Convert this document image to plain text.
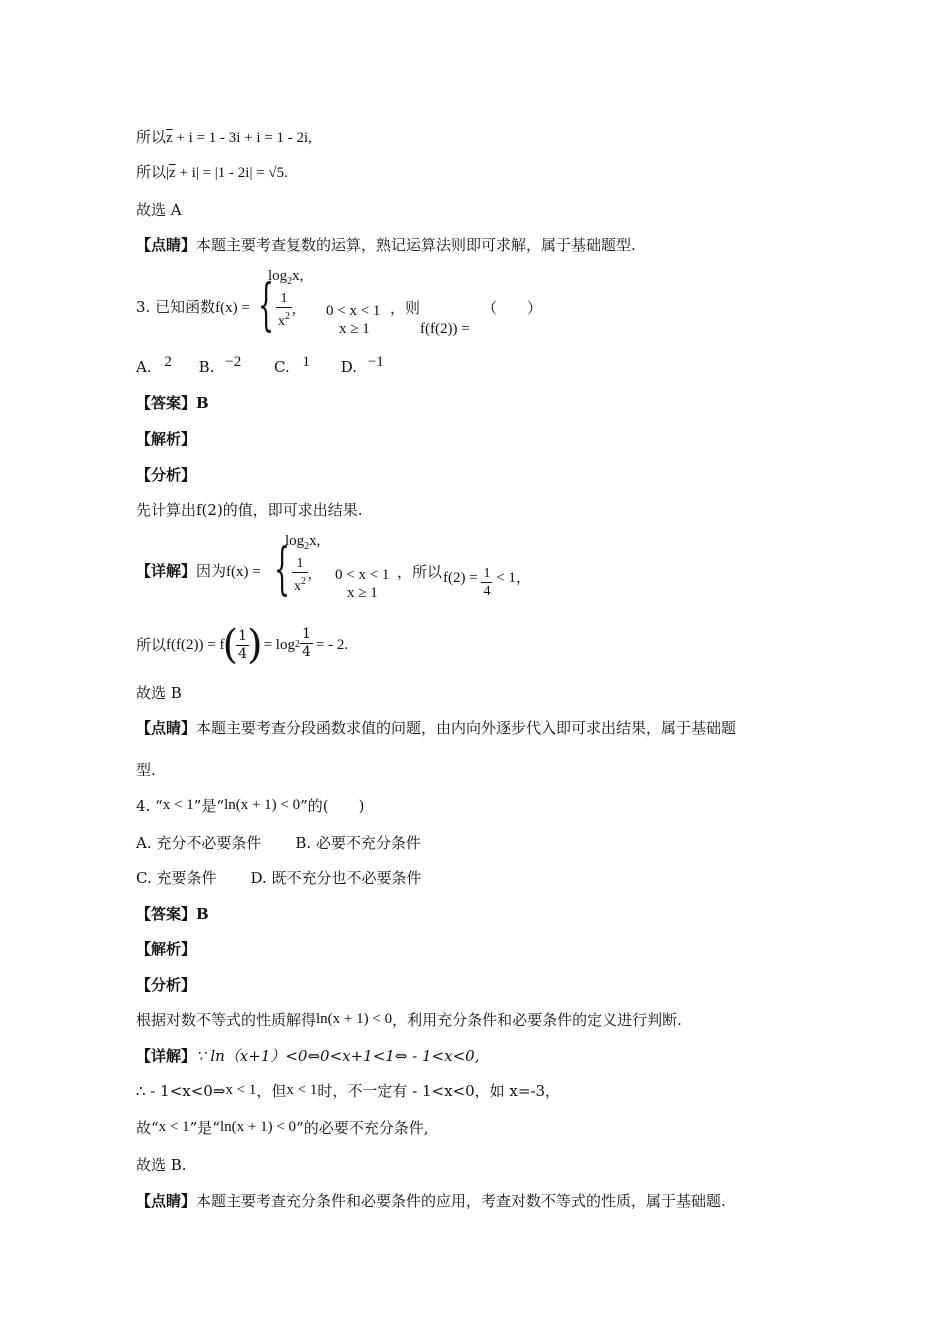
所以$\overline{z} + i = 1 - 3i + i = 1 - 2i$,
所以$|\overline{z} + i| = |1 - 2i| = √5$.
故选 A
【点睛】本题主要考查复数的运算，熟记运算法则即可求解，属于基础题型.
3. 已知函数f(x) = {
$\log_2x$,
$\frac{1}{x^2}$ , 0 < x < 1
x ≥ 1
，则
f(f(2)) =
（　　）
A. 2 B. −2 C. 1 D. −1
【答案】B
【解析】
【分析】
先计算出f(2)的值，即可求出结果.
【详解】因为f(x) = {
$\log_2x$,
$\frac{1}{x^2}$ , 0 < x < 1
x ≥ 1
，所以 $f(2) = \frac{1}{4} < 1$，
所以 f(f(2)) = f
(
$\frac{1}{4}$
) = $\log 2 \frac{1}{4}$ = - 2.
故选 B
【点睛】本题主要考查分段函数求值的问题，由内向外逐步代入即可求出结果，属于基础题
型.
4. “x < 1”是“ln(x + 1) < 0”的(　　)
A. 充分不必要条件 B. 必要不充分条件
C. 充要条件 D. 既不充分也不必要条件
【答案】B
【解析】
【分析】
根据对数不等式的性质解得ln(x + 1) < 0，利用充分条件和必要条件的定义进行判断.
【详解】∵ ln（x+1）<0⇔0<x+1<1⇔ - 1<x<0,
∴ - 1<x<0⇒x < 1，但x < 1时，不一定有 - 1<x<0，如 x=-3，
故“x < 1”是“ln(x + 1) < 0”的必要不充分条件,
故选 B.
【点睛】本题主要考查充分条件和必要条件的应用，考查对数不等式的性质，属于基础题.
